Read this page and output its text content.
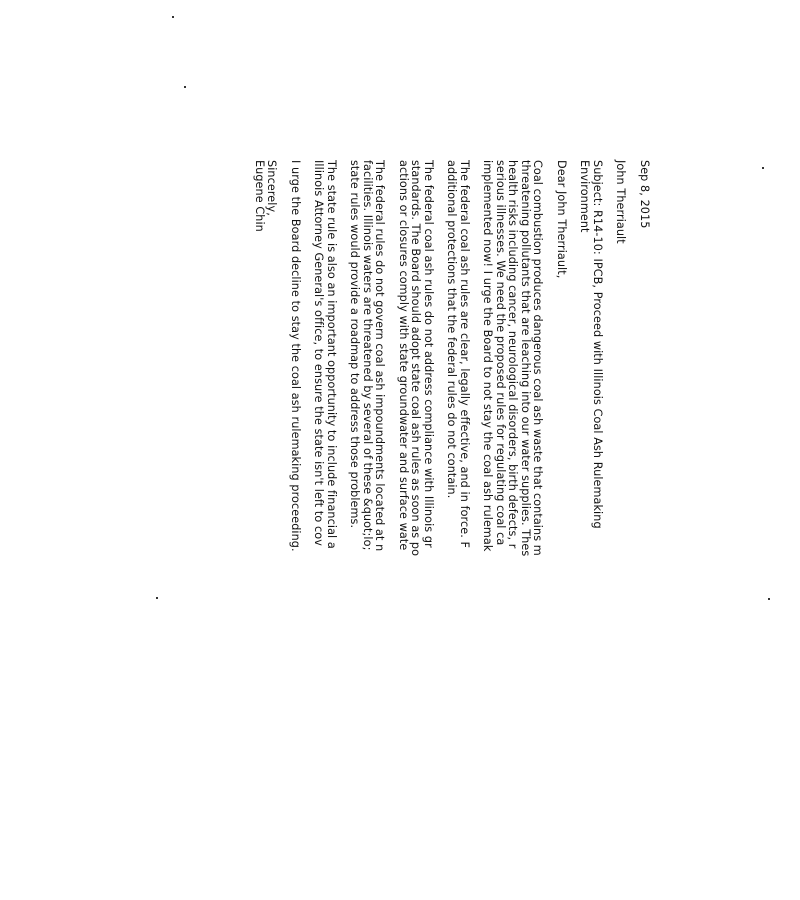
Sep 8, 2015

John Therriault

Subject: R14-10: IPCB, Proceed with Illinois Coal Ash Rulemaking
Environment

Dear John Therriault,

Coal combustion produces dangerous coal ash waste that contains m
threatening pollutants that are leaching into our water supplies. Thes
health risks including cancer, neurological disorders, birth defects, r
serious illnesses. We need the proposed rules for regulating coal ca
implemented now! I urge the Board to not stay the coal ash rulemak

The federal coal ash rules are clear, legally effective, and in force. F
additional protections that the federal rules do not contain.

The federal coal ash rules do not address compliance with Illinois gr
standards. The Board should adopt state coal ash rules as soon as po
actions or closures comply with state groundwater and surface wate

The federal rules do not govern coal ash impoundments located at n
facilities. Illinois waters are threatened by several of these &quot;lo;
state rules would provide a roadmap to address those problems.

The state rule is also an important opportunity to include financial a
Illinois Attorney General's office, to ensure the state isn't left to cov

I urge the Board decline to stay the coal ash rulemaking proceeding.

Sincerely,
Eugene Chin
